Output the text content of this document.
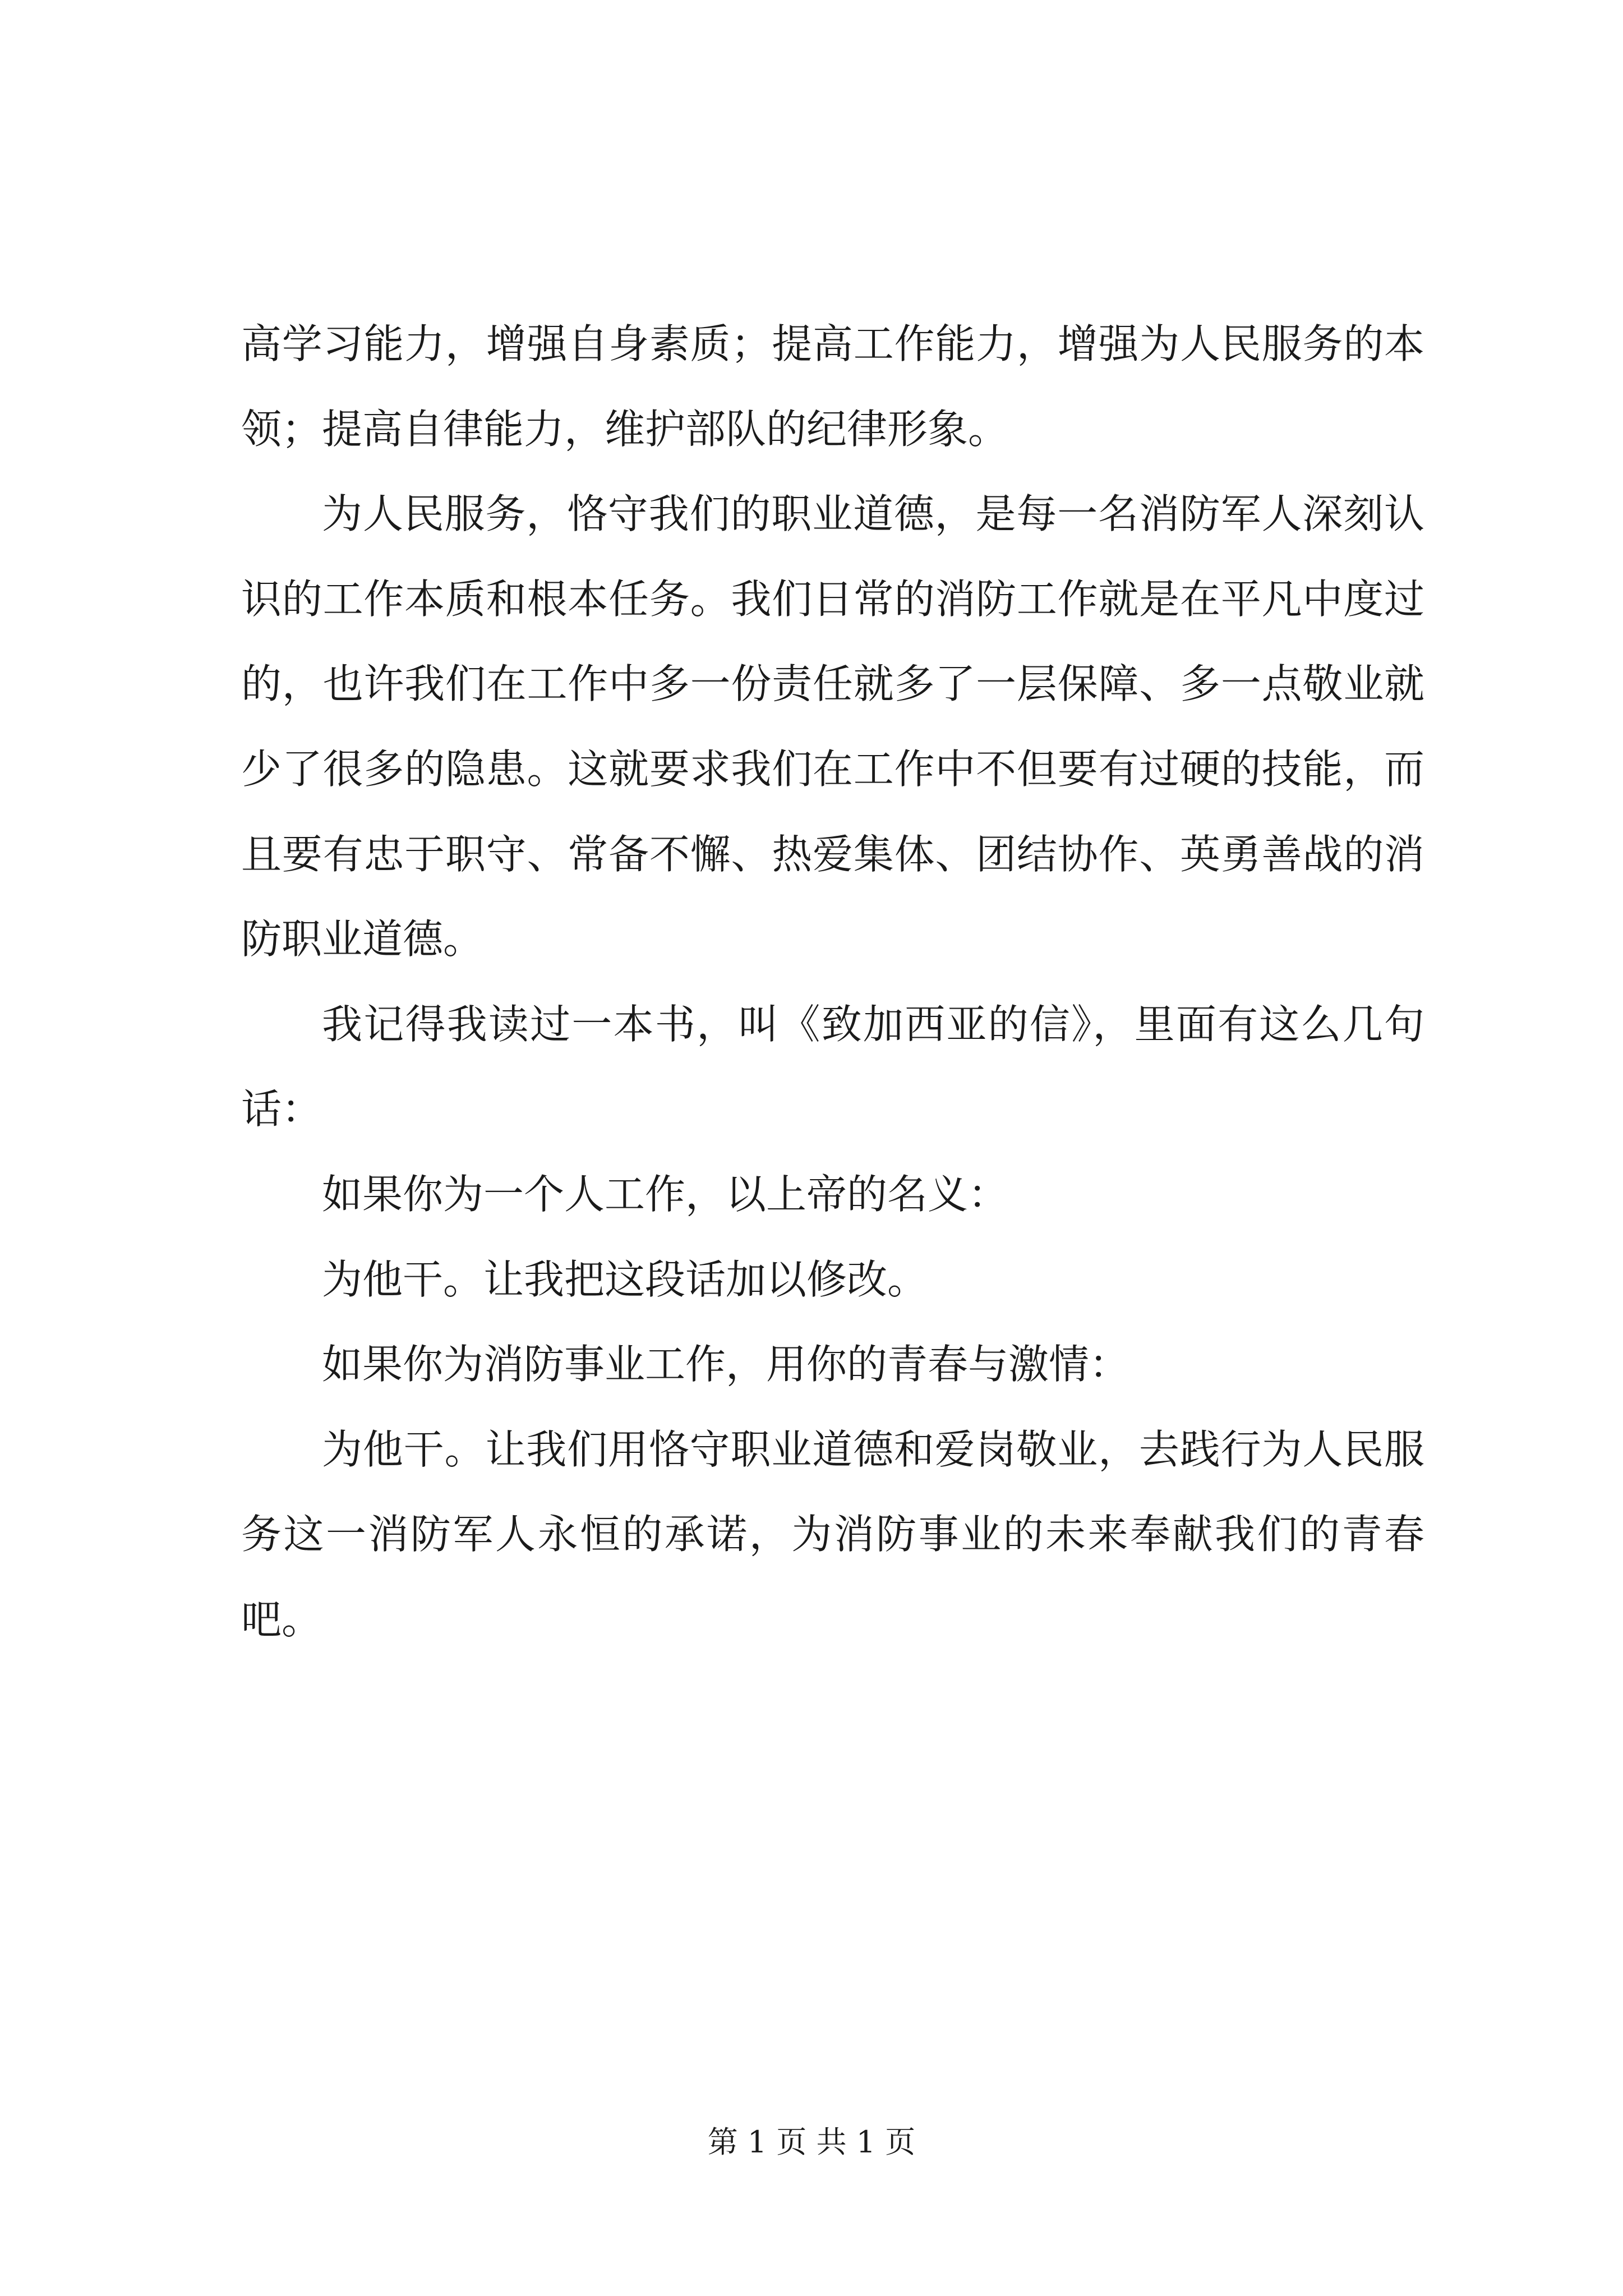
高学习能力，增强自身素质；提高工作能力，增强为人民服务的本领；提高自律能力，维护部队的纪律形象。

为人民服务，恪守我们的职业道德，是每一名消防军人深刻认识的工作本质和根本任务。我们日常的消防工作就是在平凡中度过的，也许我们在工作中多一份责任就多了一层保障、多一点敬业就少了很多的隐患。这就要求我们在工作中不但要有过硬的技能，而且要有忠于职守、常备不懈、热爱集体、团结协作、英勇善战的消防职业道德。

我记得我读过一本书，叫《致加西亚的信》，里面有这么几句话：

如果你为一个人工作，以上帝的名义：

为他干。让我把这段话加以修改。

如果你为消防事业工作，用你的青春与激情：

为他干。让我们用恪守职业道德和爱岗敬业，去践行为人民服务这一消防军人永恒的承诺，为消防事业的未来奉献我们的青春吧。

第 1 页 共 1 页
